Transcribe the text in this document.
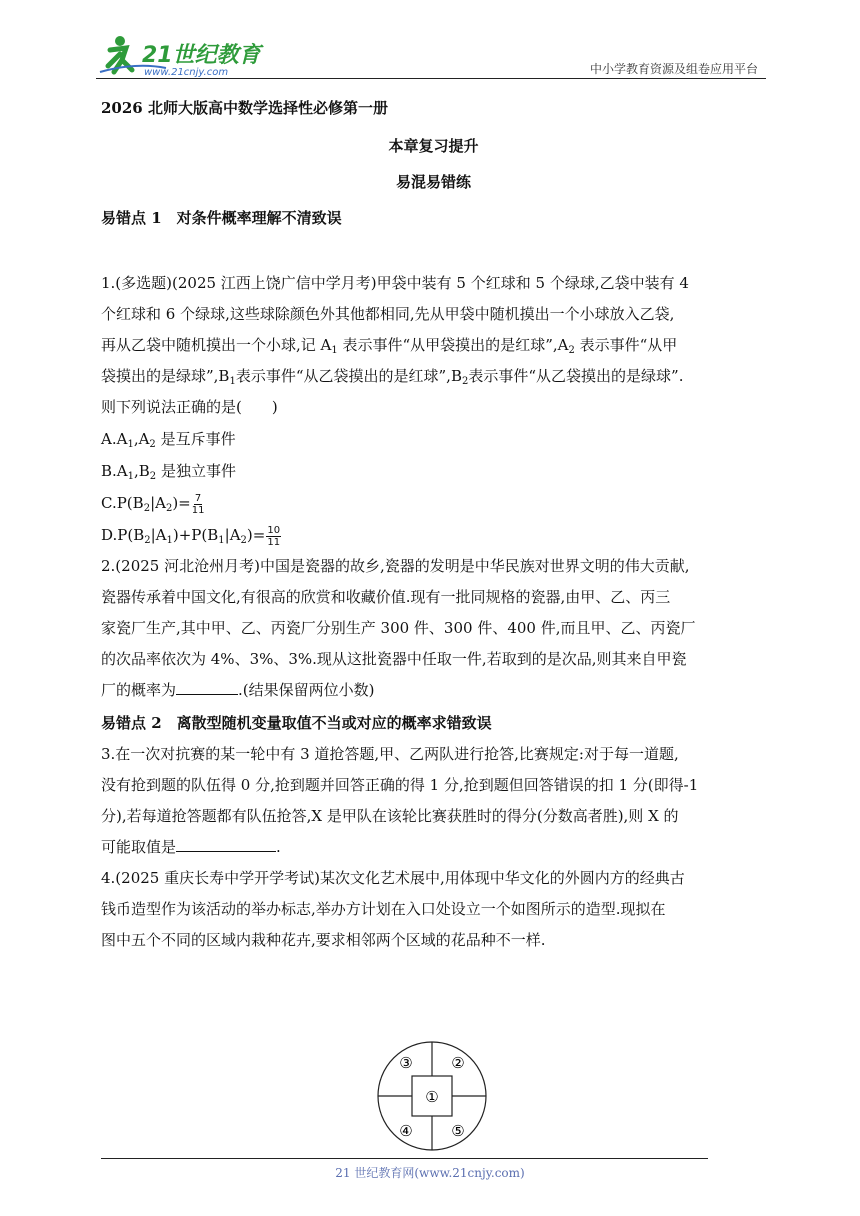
21世纪教育
www.21cnjy.com	中小学教育资源及组卷应用平台
2026 北师大版高中数学选择性必修第一册
本章复习提升
易混易错练
易错点 1　对条件概率理解不清致误

1.(多选题)(2025 江西上饶广信中学月考)甲袋中装有 5 个红球和 5 个绿球,乙袋中装有 4

个红球和 6 个绿球,这些球除颜色外其他都相同,先从甲袋中随机摸出一个小球放入乙袋,

再从乙袋中随机摸出一个小球,记 $A_1$ 表示事件“从甲袋摸出的是红球$”,A_2$ 表示事件“从甲

袋摸出的是绿球$”,B_1$表示事件“从乙袋摸出的是红球$”,B_2$表示事件“从乙袋摸出的是绿球”.

则下列说法正确的是(　　)

$A.A_1,A_2$ 是互斥事件

$B.A_1,B_2$ 是独立事件

$C.P(B_2|A_2)= \frac{7}{11}$

$D.P(B_2|A_1)+P(B_1|A_2)= \frac{10}{11}$

2.(2025 河北沧州月考)中国是瓷器的故乡,瓷器的发明是中华民族对世界文明的伟大贡献,

瓷器传承着中国文化,有很高的欣赏和收藏价值.现有一批同规格的瓷器,由甲、乙、丙三

家瓷厂生产,其中甲、乙、丙瓷厂分别生产 300 件、300 件、400 件,而且甲、乙、丙瓷厂

的次品率依次为 4%、3%、3%.现从这批瓷器中任取一件,若取到的是次品,则其来自甲瓷

厂的概率为	.(结果保留两位小数)

易错点 2　离散型随机变量取值不当或对应的概率求错致误

3.在一次对抗赛的某一轮中有 3 道抢答题,甲、乙两队进行抢答,比赛规定:对于每一道题,

没有抢到题的队伍得 0 分,抢到题并回答正确的得 1 分,抢到题但回答错误的扣 1 分(即得-1

分),若每道抢答题都有队伍抢答,X 是甲队在该轮比赛获胜时的得分(分数高者胜),则 X 的

可能取值是	.

4.(2025 重庆长寿中学开学考试)某次文化艺术展中,用体现中华文化的外圆内方的经典古

钱币造型作为该活动的举办标志,举办方计划在入口处设立一个如图所示的造型.现拟在

图中五个不同的区域内栽种花卉,要求相邻两个区域的花品种不一样.

①
②
③
④	⑤
21 世纪教育网(www.21cnjy.com)
